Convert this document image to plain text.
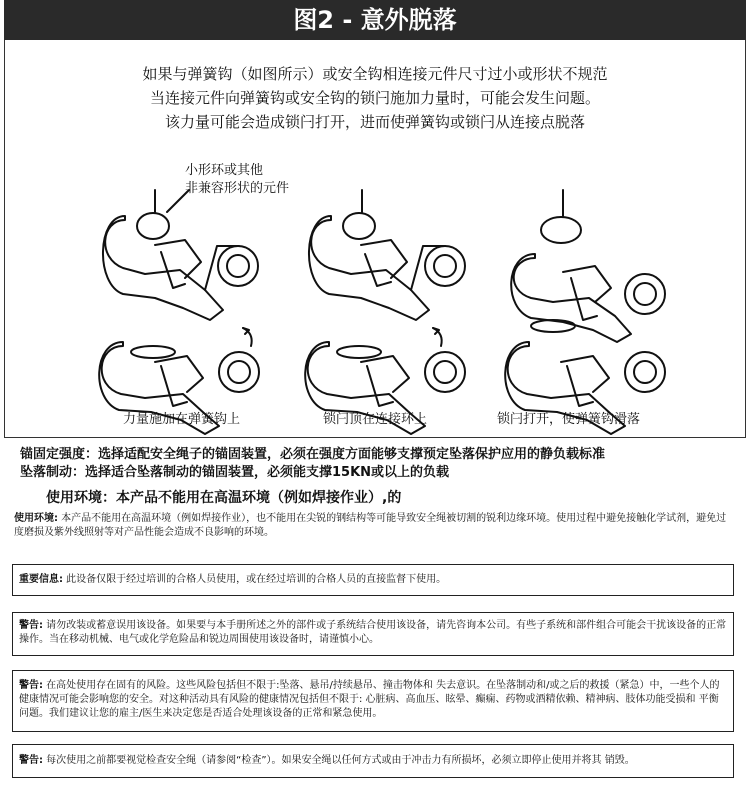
图2 - 意外脱落
如果与弹簧钩（如图所示）或安全钩相连接元件尺寸过小或形状不规范
当连接元件向弹簧钩或安全钩的锁闩施加力量时，可能会发生问题。
该力量可能会造成锁闩打开，进而使弹簧钩或锁闩从连接点脱落
小形环或其他
非兼容形状的元件
力量施加在弹簧钩上	锁闩顶在连接环上	锁闩打开，使弹簧钩滑落
锚固定强度：选择适配安全绳子的锚固装置，必须在强度方面能够支撑预定坠落保护应用的静负载标准
坠落制动：选择适合坠落制动的锚固装置，必须能支撑15KN或以上的负载
使用环境：本产品不能用在高温环境（例如焊接作业）,的
使用环境: 本产品不能用在高温环境（例如焊接作业），也不能用在尖锐的钢结构等可能导致安全绳被切割的锐利边缘环境。使用过程中避免接触化学试剂，避免过度磨损及紫外线照射等对产品性能会造成不良影响的环境。
重要信息: 此设备仅限于经过培训的合格人员使用，或在经过培训的合格人员的直接监督下使用。
警告: 请勿改装或蓄意误用该设备。如果要与本手册所述之外的部件或子系统结合使用该设备，请先咨询本公司。有些子系统和部件组合可能会干扰该设备的正常操作。当在移动机械、电气或化学危险品和锐边周围使用该设备时，请谨慎小心。
警告: 在高处使用存在固有的风险。这些风险包括但不限于:坠落、悬吊/持续悬吊、撞击物体和 失去意识。在坠落制动和/或之后的救援（紧急）中，一些个人的健康情况可能会影响您的安全。对这种活动具有风险的健康情况包括但不限于: 心脏病、高血压、眩晕、癫痫、药物或酒精依赖、精神病、肢体功能受损和 平衡问题。我们建议让您的雇主/医生来决定您是否适合处理该设备的正常和紧急使用。
警告: 每次使用之前都要视觉检查安全绳（请参阅“检查”）。如果安全绳以任何方式或由于冲击力有所损坏，必须立即停止使用并将其 销毁。
